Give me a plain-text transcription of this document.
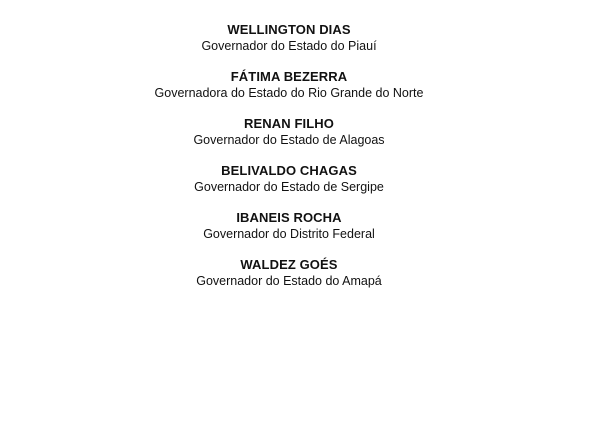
WELLINGTON DIAS
Governador do Estado do Piauí
FÁTIMA BEZERRA
Governadora do Estado do Rio Grande do Norte
RENAN FILHO
Governador do Estado de Alagoas
BELIVALDO CHAGAS
Governador do Estado de Sergipe
IBANEIS ROCHA
Governador do Distrito Federal
WALDEZ GOÉS
Governador do Estado do Amapá
